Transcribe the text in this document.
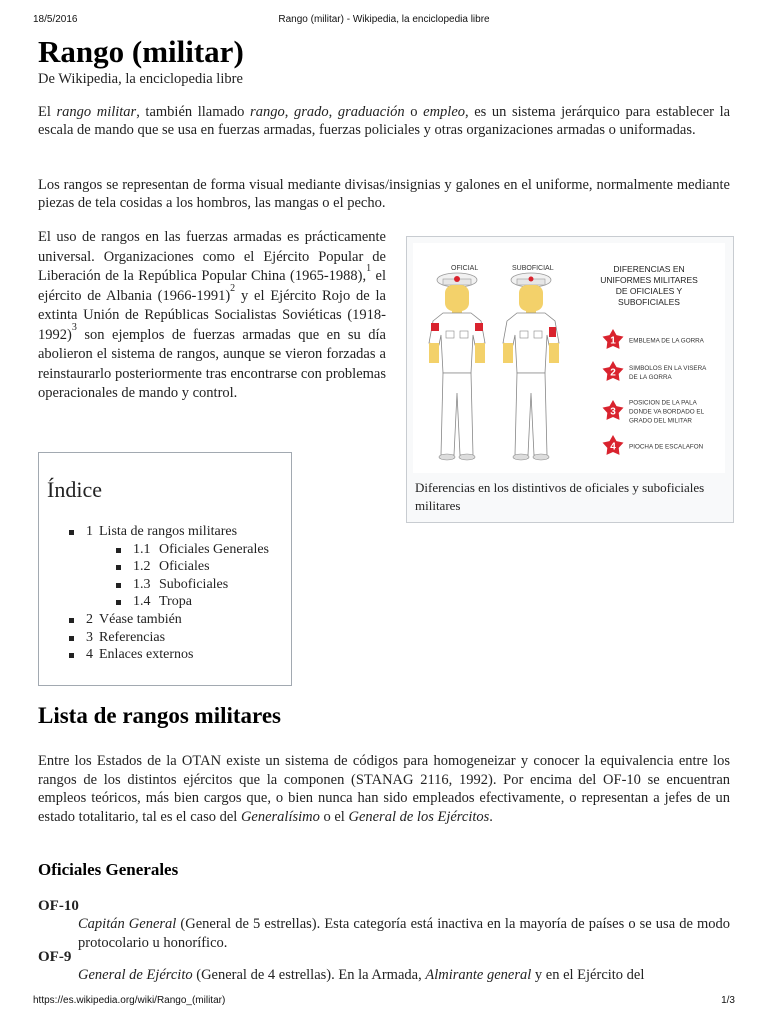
18/5/2016	Rango (militar) - Wikipedia, la enciclopedia libre
Rango (militar)
De Wikipedia, la enciclopedia libre

El rango militar, también llamado rango, grado, graduación o empleo, es un sistema jerárquico para establecer la escala de mando que se usa en fuerzas armadas, fuerzas policiales y otras organizaciones armadas o uniformadas.

Los rangos se representan de forma visual mediante divisas/insignias y galones en el uniforme, normalmente mediante piezas de tela cosidas a los hombros, las mangas o el pecho.

El uso de rangos en las fuerzas armadas es prácticamente universal. Organizaciones como el Ejército Popular de Liberación de la República Popular China (1965-1988),$^1$ el ejército de Albania (1966-1991)$^2$ y el Ejército Rojo de la extinta Unión de Repúblicas Socialistas Soviéticas (1918-1992)$^3$ son ejemplos de fuerzas armadas que en su día abolieron el sistema de rangos, aunque se vieron forzadas a reinstaurarlo posteriormente tras encontrarse con problemas operacionales de mando y control.

OFICIAL	SUBOFICIAL	DIFERENCIAS EN
UNIFORMES MILITARES
DE OFICIALES Y
SUBOFICIALES
1 EMBLEMA DE LA GORRA
2 SIMBOLOS EN LA VISERA
DE LA GORRA
3
POSICION DE LA PALA
DONDE VA BORDADO EL
GRADO DEL MILITAR
4 PIOCHA DE ESCALAFON
Diferencias en los distintivos de oficiales y suboficiales militares
Índice
1 Lista de rangos militares
1.1 Oficiales Generales
1.2 Oficiales
1.3 Suboficiales
1.4 Tropa
2 Véase también
3 Referencias
4 Enlaces externos
Lista de rangos militares

Entre los Estados de la OTAN existe un sistema de códigos para homogeneizar y conocer la equivalencia entre los rangos de los distintos ejércitos que la componen (STANAG 2116, 1992). Por encima del OF-10 se encuentran empleos teóricos, más bien cargos que, o bien nunca han sido empleados efectivamente, o representan a jefes de un estado totalitario, tal es el caso del Generalísimo o el General de los Ejércitos.

Oficiales Generales
OF-10

Capitán General (General de 5 estrellas). Esta categoría está inactiva en la mayoría de países o se usa de modo protocolario u honorífico.

OF-9

General de Ejército (General de 4 estrellas). En la Armada, Almirante general y en el Ejército del

https://es.wikipedia.org/wiki/Rango_(militar)	1/3
